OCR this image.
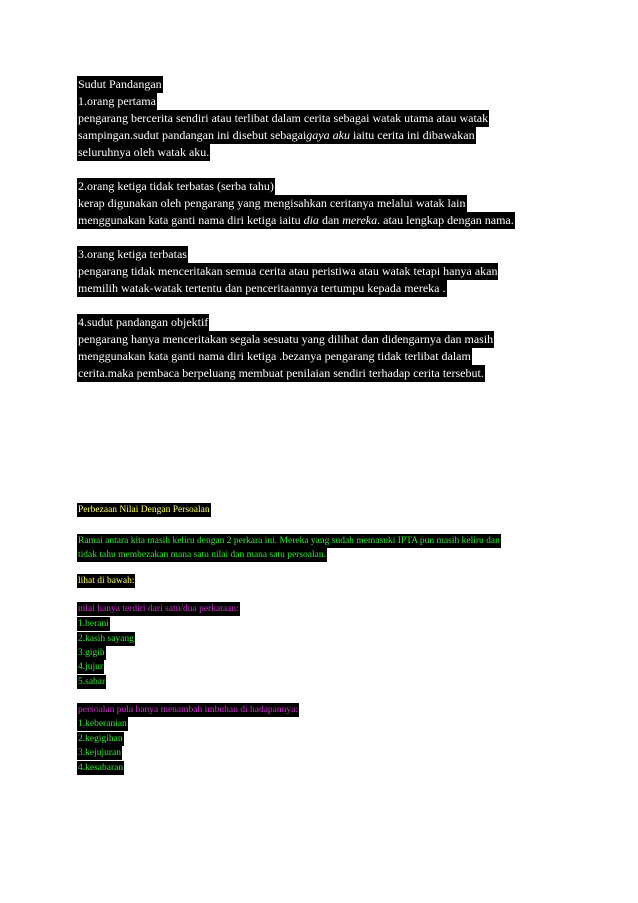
Sudut Pandangan
1.orang pertama
pengarang bercerita sendiri atau terlibat dalam cerita sebagai watak utama atau watak
sampingan.sudut pandangan ini disebut sebagaigaya aku iaitu cerita ini dibawakan
seluruhnya oleh watak aku.
2.orang ketiga tidak terbatas (serba tahu)
kerap digunakan oleh pengarang yang mengisahkan ceritanya melalui watak lain
menggunakan kata ganti nama diri ketiga iaitu dia dan mereka. atau lengkap dengan nama.
3.orang ketiga terbatas
pengarang tidak menceritakan semua cerita atau peristiwa atau watak tetapi hanya akan
memilih watak-watak tertentu dan penceritaannya tertumpu kepada mereka .
4.sudut pandangan objektif
pengarang hanya menceritakan segala sesuatu yang dilihat dan didengarnya dan masih
menggunakan kata ganti nama diri ketiga .bezanya pengarang tidak terlibat dalam
cerita.maka pembaca berpeluang membuat penilaian sendiri terhadap cerita tersebut.
Perbezaan Nilai Dengan Persoalan
Ramai antara kita masih keliru dengan 2 perkara ini. Mereka yang sudah memasuki IPTA pun masih keliru dan
tidak tahu membezakan mana satu nilai dan mana satu persoalan.
lihat di bawah:
nilai hanya terdiri dari satu/dua perkataan:
1.berani
2.kasih sayang
3.gigih
4.jujur
5.sabar
persoalan pula hanya menambah imbuhan di hadapannya:
1.keberanian
2.kegigihan
3.kejujuran
4.kesabaran
